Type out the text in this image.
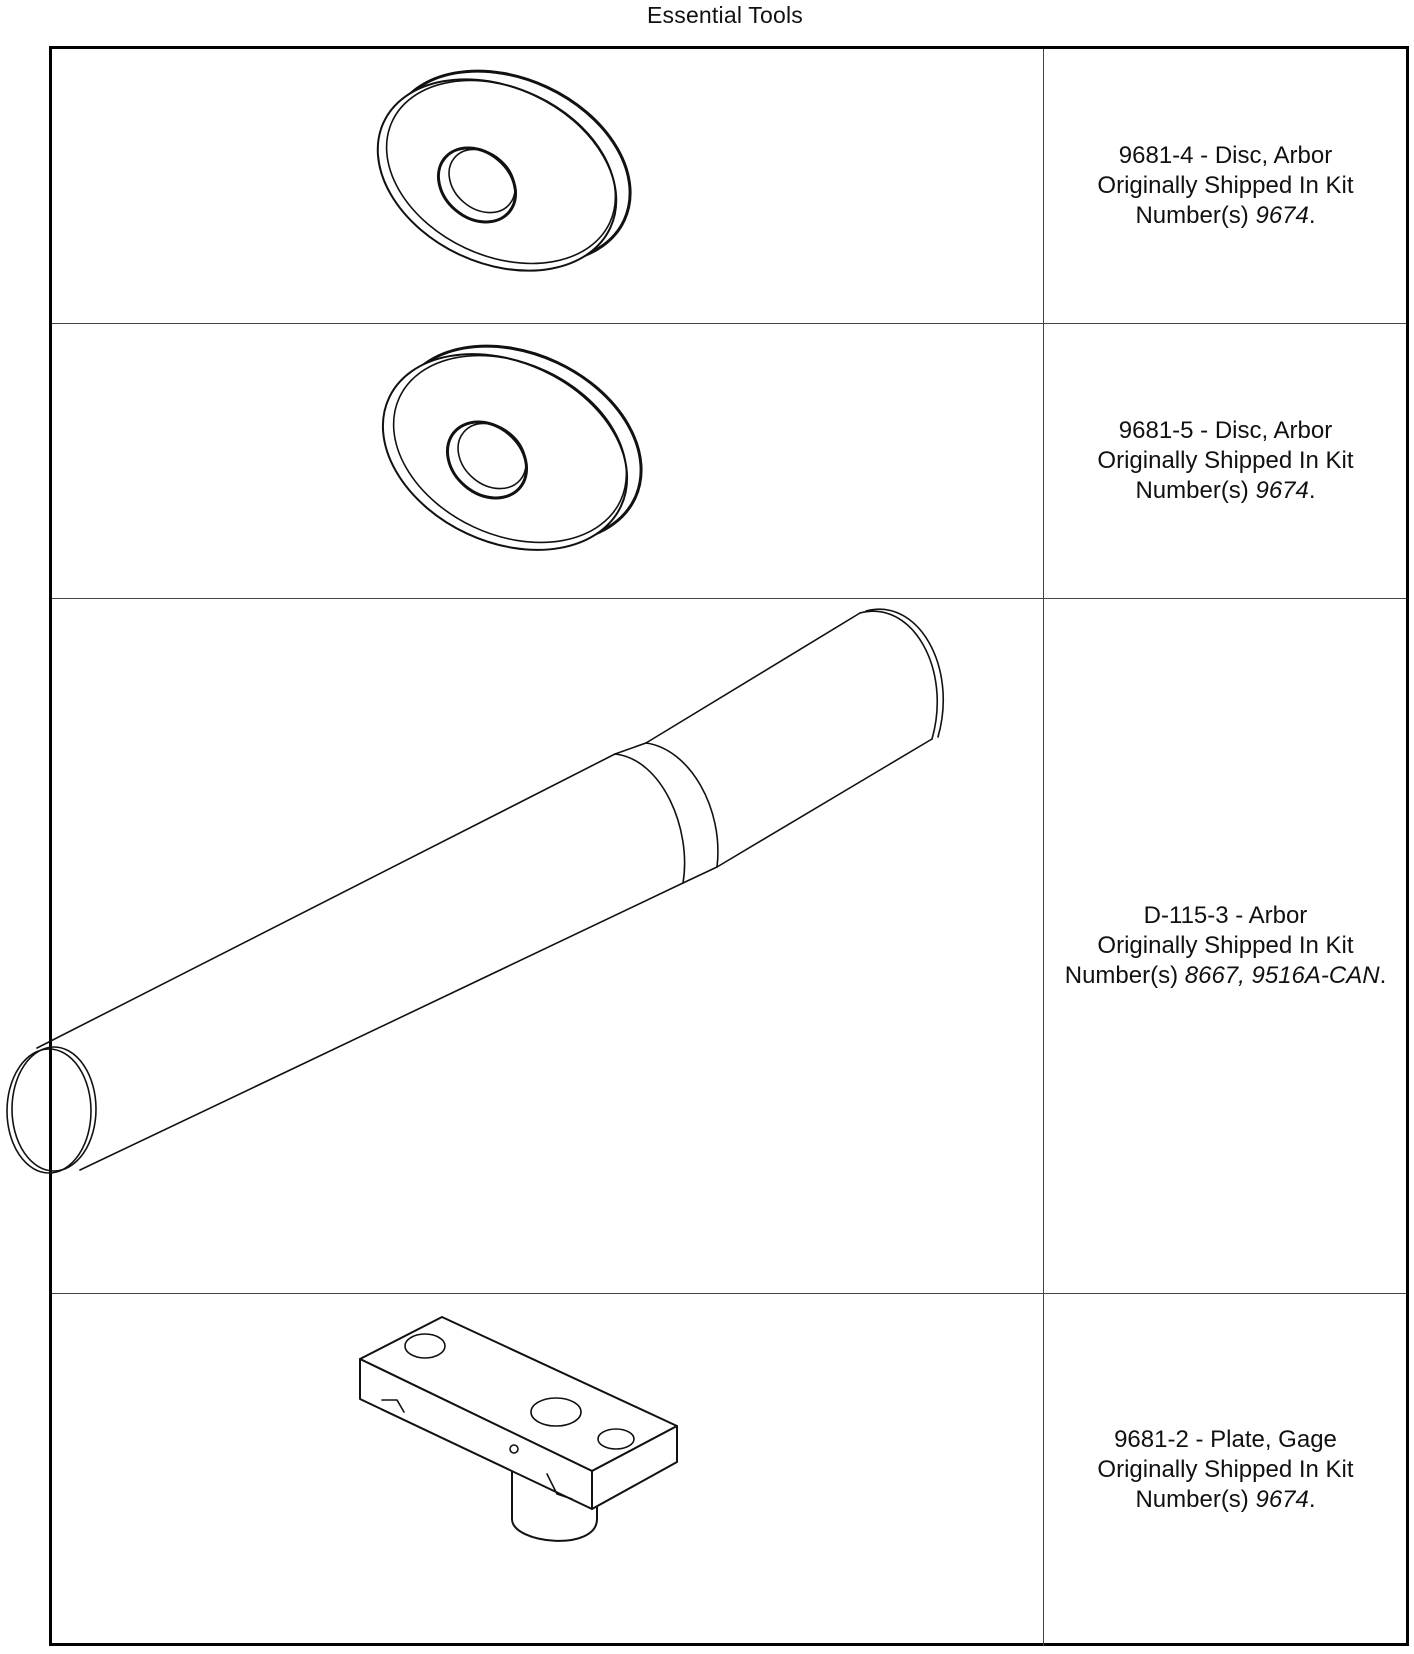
Essential Tools
9681-4 - Disc, Arbor
Originally Shipped In Kit
Number(s) 9674.
9681-5 - Disc, Arbor
Originally Shipped In Kit
Number(s) 9674.
D-115-3 - Arbor
Originally Shipped In Kit
Number(s) 8667, 9516A-CAN.
9681-2 - Plate, Gage
Originally Shipped In Kit
Number(s) 9674.
